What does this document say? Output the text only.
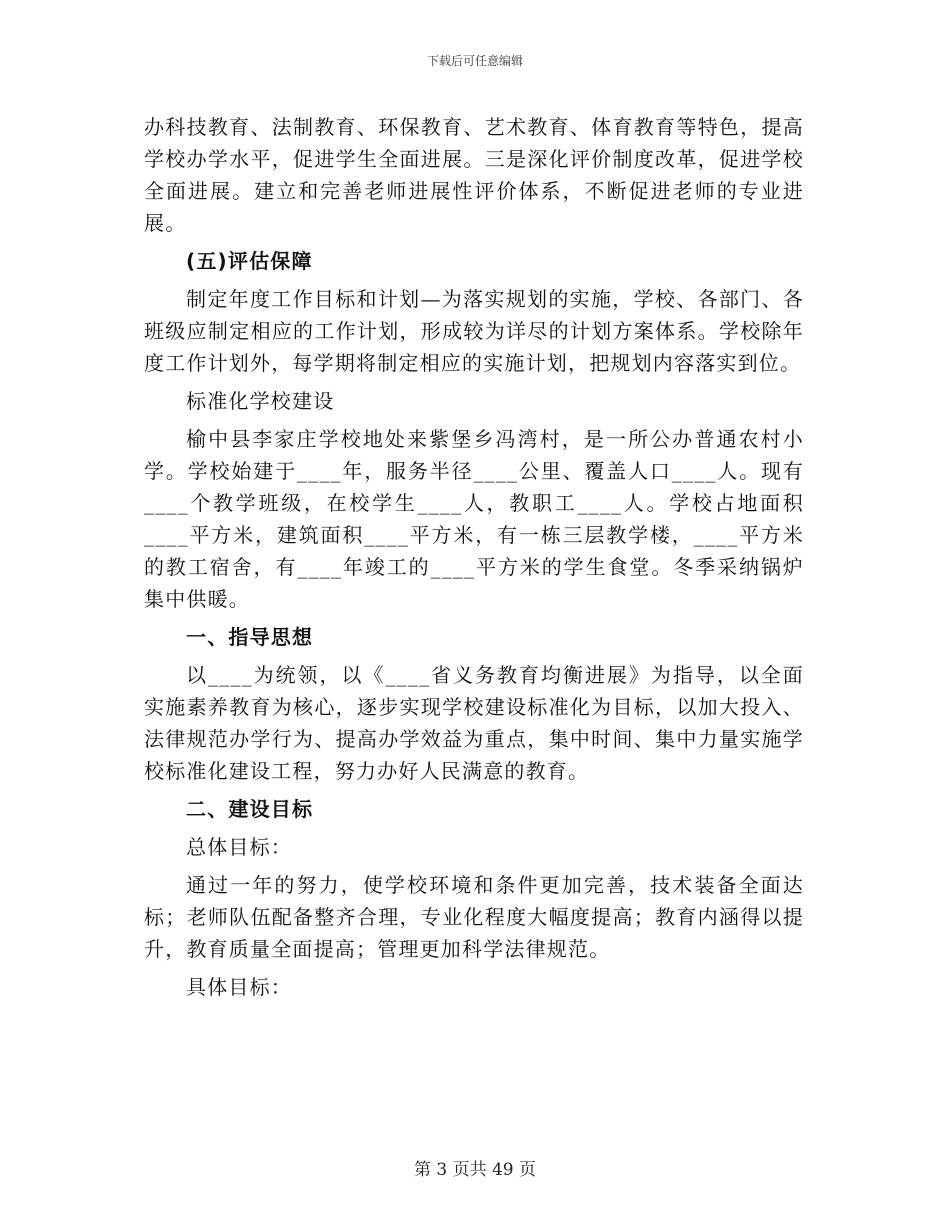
下载后可任意编辑

办科技教育、法制教育、环保教育、艺术教育、体育教育等特色，提高学校办学水平，促进学生全面进展。三是深化评价制度改革，促进学校全面进展。建立和完善老师进展性评价体系，不断促进老师的专业进展。

(五)评估保障

制定年度工作目标和计划—为落实规划的实施，学校、各部门、各班级应制定相应的工作计划，形成较为详尽的计划方案体系。学校除年度工作计划外，每学期将制定相应的实施计划，把规划内容落实到位。

标准化学校建设

榆中县李家庄学校地处来紫堡乡冯湾村，是一所公办普通农村小学。学校始建于____年，服务半径____公里、覆盖人口____人。现有____个教学班级，在校学生____人，教职工____人。学校占地面积____平方米，建筑面积____平方米，有一栋三层教学楼，____平方米的教工宿舍，有____年竣工的____平方米的学生食堂。冬季采纳锅炉集中供暖。

一、指导思想

以____为统领，以《____省义务教育均衡进展》为指导，以全面实施素养教育为核心，逐步实现学校建设标准化为目标，以加大投入、法律规范办学行为、提高办学效益为重点，集中时间、集中力量实施学校标准化建设工程，努力办好人民满意的教育。

二、建设目标

总体目标：

通过一年的努力，使学校环境和条件更加完善，技术装备全面达标；老师队伍配备整齐合理，专业化程度大幅度提高；教育内涵得以提升，教育质量全面提高；管理更加科学法律规范。

具体目标：

第 3 页共 49 页
